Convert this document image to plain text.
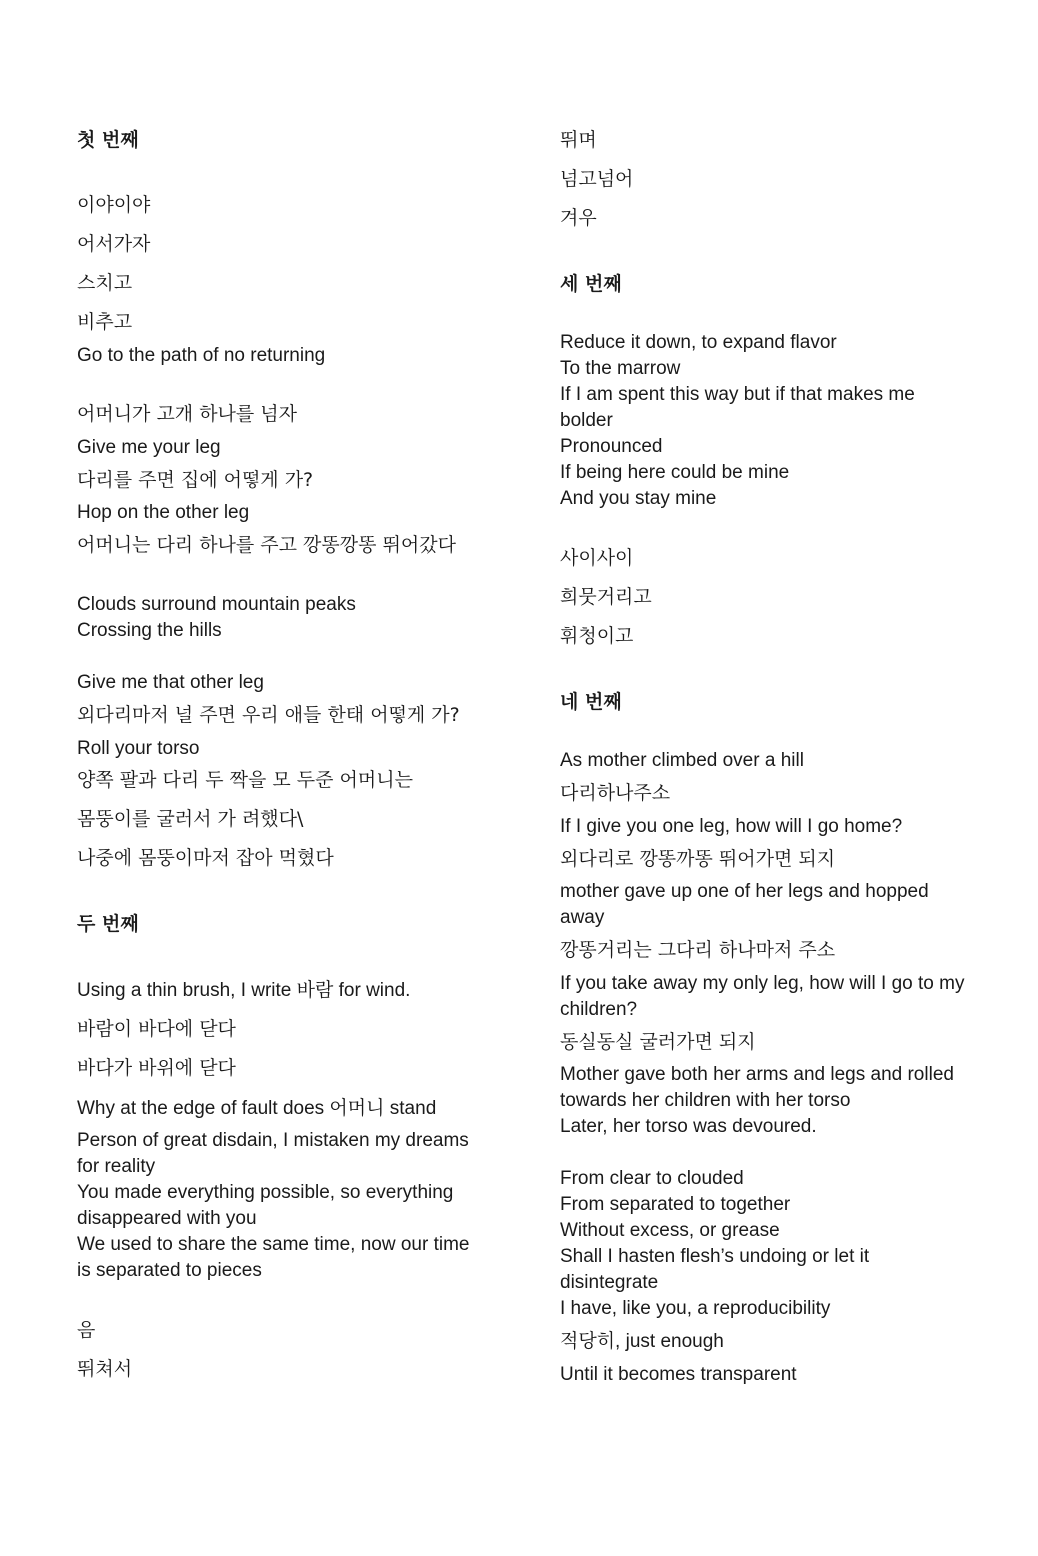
첫 번째
이야이야
어서가자
스치고
비추고
Go to the path of no returning
어머니가 고개 하나를 넘자
Give me your leg
다리를 주면 집에 어떻게 가?
Hop on the other leg
어머니는 다리 하나를 주고 깡똥깡똥 뛰어갔다
Clouds surround mountain peaks
Crossing the hills
Give me that other leg
외다리마저 널 주면 우리 애들 한태 어떻게 가?
Roll your torso
양쪽 팔과 다리 두 짝을 모 두준 어머니는
몸뚱이를 굴러서 가 려했다\
나중에 몸뚱이마저 잡아 먹혔다
두 번째
Using a thin brush, I write 바람 for wind.
바람이 바다에 닫다
바다가 바위에 닫다
Why at the edge of fault does 어머니 stand
Person of great disdain, I mistaken my dreams
for reality
You made everything possible, so everything
disappeared with you
We used to share the same time, now our time
is separated to pieces
음
뛰쳐서
뛰며
넘고넘어
겨우
세 번째
Reduce it down, to expand flavor
To the marrow
If I am spent this way but if that makes me
bolder
Pronounced
If being here could be mine
And you stay mine
사이사이
희뭇거리고
휘청이고
네 번째
As mother climbed over a hill
다리하나주소
If I give you one leg, how will I go home?
외다리로 깡똥까똥 뛰어가면 되지
mother gave up one of her legs and hopped
away
깡똥거리는 그다리 하나마저 주소
If you take away my only leg, how will I go to my
children?
동실동실 굴러가면 되지
Mother gave both her arms and legs and rolled
towards her children with her torso
Later, her torso was devoured.
From clear to clouded
From separated to together
Without excess, or grease
Shall I hasten flesh’s undoing or let it
disintegrate
I have, like you, a reproducibility
적당히, just enough
Until it becomes transparent
